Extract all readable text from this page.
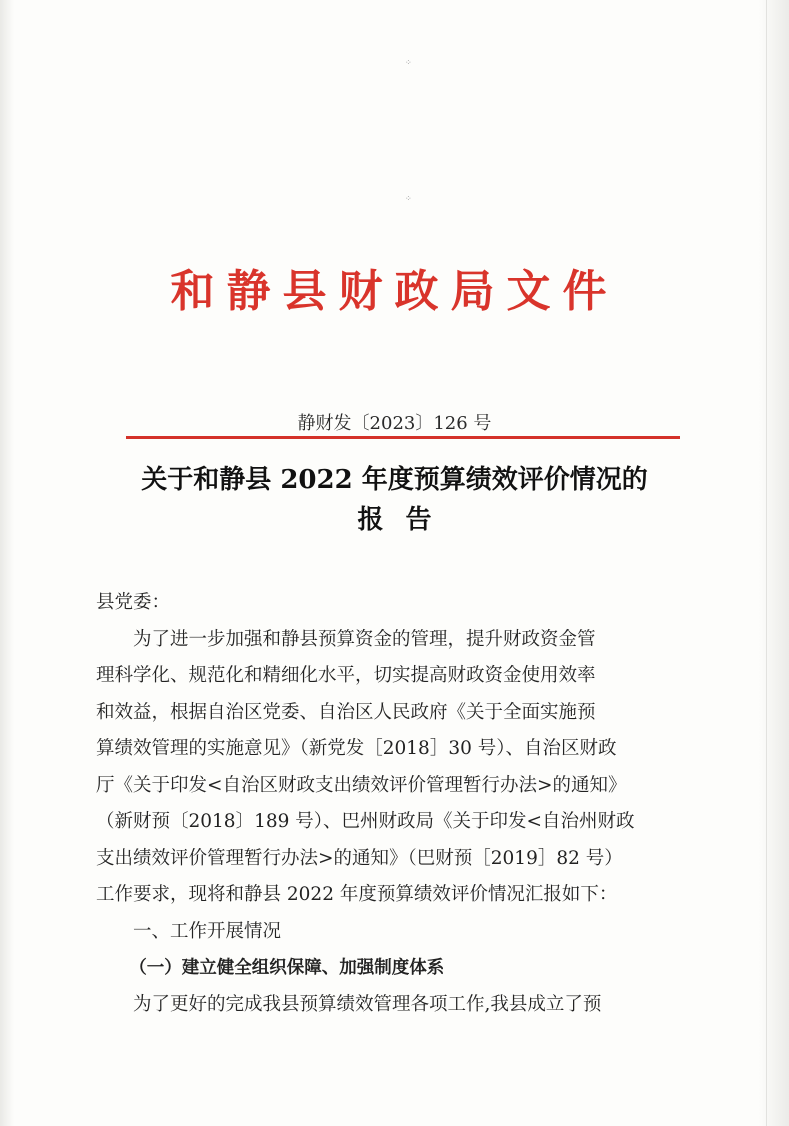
⁘
⁘
和静县财政局文件
静财发〔2023〕126 号
关于和静县 2022 年度预算绩效评价情况的
报告

县党委：

为了进一步加强和静县预算资金的管理，提升财政资金管
理科学化、规范化和精细化水平，切实提高财政资金使用效率
和效益，根据自治区党委、自治区人民政府《关于全面实施预
算绩效管理的实施意见》（新党发［2018］30 号）、自治区财政
厅《关于印发<自治区财政支出绩效评价管理暂行办法>的通知》
（新财预〔2018〕189 号）、巴州财政局《关于印发<自治州财政
支出绩效评价管理暂行办法>的通知》（巴财预［2019］82 号）
工作要求，现将和静县 2022 年度预算绩效评价情况汇报如下：

一、工作开展情况

（一）建立健全组织保障、加强制度体系

为了更好的完成我县预算绩效管理各项工作,我县成立了预
